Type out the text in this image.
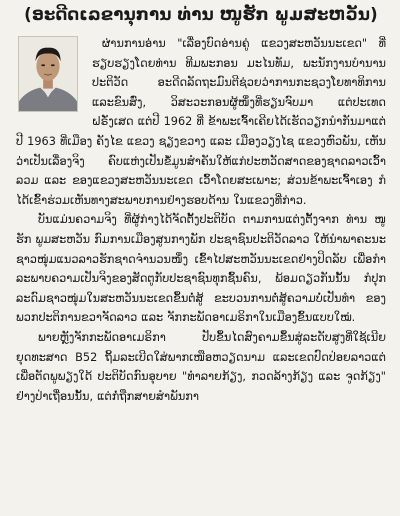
(ອະດີດເລຂານຸການ ທ່ານ ໜູຮັກ ພູມສະຫວັນ)

ຜ່ານການອ່ານ "ເລື່ອງບົດອ່ານຄູ່ ແຂວງສະຫວັນນະເຂດ" ທີ່ຮຽບຮຽງໂດຍທ່ານ ທີມພະກອນ ມະໄນທັມ, ພະນັກງານບຳນານປະຕິວັດ ອະດີດລັດຖະມົນຕີຊ່ວຍວ່າການກະຊວງໂຍທາທິການ ແລະຂົນສົ່ງ, ວິສະວະກອນຜູ້ໜຶ່ງທີ່ຮຽນຈົບມາ ແຕ່ປະເທດຝຣັ່ງເສດ ແຕ່ປີ 1962 ທີ່ ຂ້າພະເຈົ້າເຄີຍໄດ້ເຮັດວຽກນຳກັນມາແຕ່ປີ 1963 ທີ່ເມືອງ ຄັງໄຂ ແຂວງ ຊຽງຂວາງ ແລະ ເມືອງວຽງໄຊ ແຂວງຫົວພັນ, ເຫັນວ່າເປັນເລື່ອງຈິງ ຄົບແຫ່ງເປັນຂໍ້ມູນສຳຄັນໃຫ້ແກ່ປະຫວັດສາດຂອງຊາດລາວເວົ້າລວມ ແລະ ຂອງແຂວງສະຫວັນນະເຂດ ເວົ້າໂດຍສະເພາະ; ສ່ວນຂ້າພະເຈົ້າເອງ ກໍໄດ້ເຂົ້າຮ່ວມເຫັນທາງສະພາບການຢ່າງຮອບດ້ານ ໃນແຂວງທີ່ກ່າວ.

ບັນແມ່ນຄວາມຈິງ ທີ່ຜູ້ກ່າງໄດ້ຈັດຕັ້ງປະຕິບັດ ຕາມການແຕ່ງຕັ້ງຈາກ ທ່ານ ໜູຮັກ ພູມສະຫວັນ ກົມການເມືອງສູນກາງພັກ ປະຊາຊົນປະຕິວັດລາວ ໃຫ້ນຳພາຄະນະຊາວໜຸ່ມແນວລາວຮັກຊາດຈຳນວນໜຶ່ງ ເຂົ້າໄປສະຫວັນນະເຂດຢ່າງປິດລັບ ເພື່ອກຳລະພາບຄວາມເປັນຈິງຂອງສັດຕູກັບປະຊາຊົນທຸກຊົ້ນຄົນ, ພ້ອມດຽວກັນນັ້ນ ກໍປຸກລະດົມຊາວໜຸ່ມໃນສະຫວັນນະເຂດຂຶ້ນຕໍ່ສູ້ ຂະບວນການຕໍ່ສູ້ຄວາມບໍ່ເປັນທຳ ຂອງພວກປະຕິການຂວາຈັດລາວ ແລະ ຈັກກະພັດອາເມຣິກາໃນເມືອງຂົ້ນແບບໃໝ່.

ພາຍຫຼັງຈັກກະພັດອາເມຣິກາ ປັບຂຶ້ນໄດສົງຄາມຂຶ້ນສູ່ລະດັບສູງທີ່ໃຊ້ເນີຍຍຸດທະສາດ B52 ຖິ້ມລະເບີດໃສ່ພາກເໜືອຫວຽດນາມ ແລະເຂດປົດປ່ອຍລາວແຕ່ເພື່ອຕັດພູພຽງໃດ້ ປະຕິບັດກົນອຸບາຍ "ທຳລາຍກ້ຽງ, ກວດລ້າງກ້ຽງ ແລະ ຈູດກ້ຽງ" ຢ່າງປ່າເຖື່ອນນັ້ນ, ແຕ່ກໍ່ຖືກສາຍສຳພັນກາ
